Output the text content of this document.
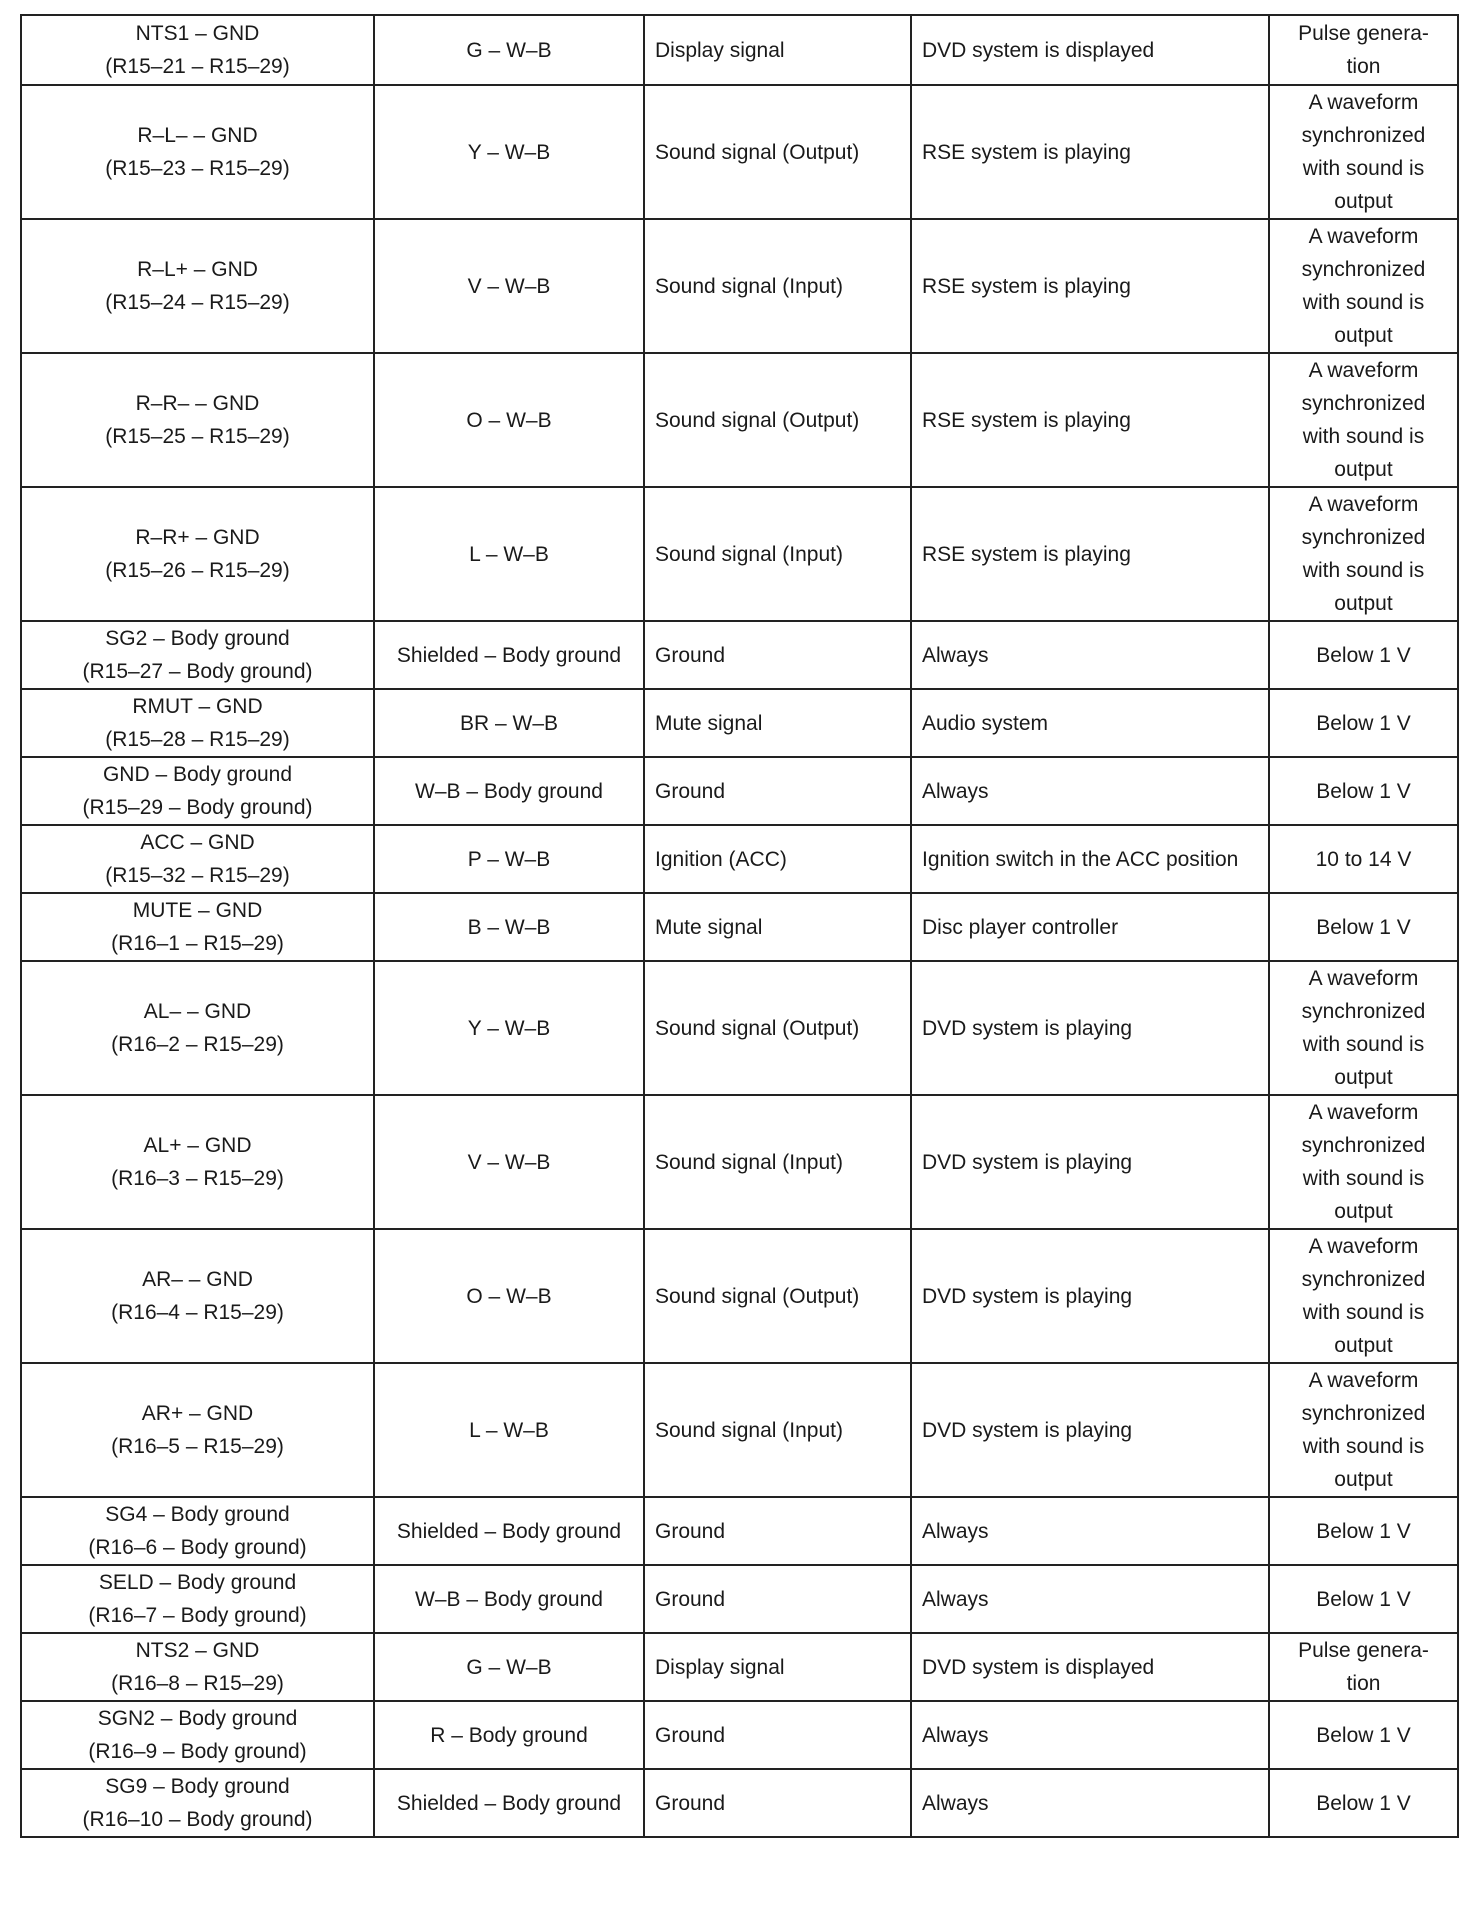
NTS1 – GND
(R15–21 – R15–29)	G – W–B	Display signal	DVD system is displayed	Pulse genera-
tion

R–L– – GND
(R15–23 – R15–29)	Y – W–B	Sound signal (Output)	RSE system is playing	A waveform
synchronized
with sound is
output

R–L+ – GND
(R15–24 – R15–29)	V – W–B	Sound signal (Input)	RSE system is playing	A waveform
synchronized
with sound is
output

R–R– – GND
(R15–25 – R15–29)	O – W–B	Sound signal (Output)	RSE system is playing	A waveform
synchronized
with sound is
output

R–R+ – GND
(R15–26 – R15–29)	L – W–B	Sound signal (Input)	RSE system is playing	A waveform
synchronized
with sound is
output

SG2 – Body ground
(R15–27 – Body ground)	Shielded – Body ground	Ground	Always	Below 1 V

RMUT – GND
(R15–28 – R15–29)	BR – W–B	Mute signal	Audio system	Below 1 V

GND – Body ground
(R15–29 – Body ground)	W–B – Body ground	Ground	Always	Below 1 V

ACC – GND
(R15–32 – R15–29)	P – W–B	Ignition (ACC)	Ignition switch in the ACC position	10 to 14 V

MUTE – GND
(R16–1 – R15–29)	B – W–B	Mute signal	Disc player controller	Below 1 V

AL– – GND
(R16–2 – R15–29)	Y – W–B	Sound signal (Output)	DVD system is playing	A waveform
synchronized
with sound is
output

AL+ – GND
(R16–3 – R15–29)	V – W–B	Sound signal (Input)	DVD system is playing	A waveform
synchronized
with sound is
output

AR– – GND
(R16–4 – R15–29)	O – W–B	Sound signal (Output)	DVD system is playing	A waveform
synchronized
with sound is
output

AR+ – GND
(R16–5 – R15–29)	L – W–B	Sound signal (Input)	DVD system is playing	A waveform
synchronized
with sound is
output

SG4 – Body ground
(R16–6 – Body ground)	Shielded – Body ground	Ground	Always	Below 1 V

SELD – Body ground
(R16–7 – Body ground)	W–B – Body ground	Ground	Always	Below 1 V

NTS2 – GND
(R16–8 – R15–29)	G – W–B	Display signal	DVD system is displayed	Pulse genera-
tion

SGN2 – Body ground
(R16–9 – Body ground)	R – Body ground	Ground	Always	Below 1 V

SG9 – Body ground
(R16–10 – Body ground)	Shielded – Body ground	Ground	Always	Below 1 V
